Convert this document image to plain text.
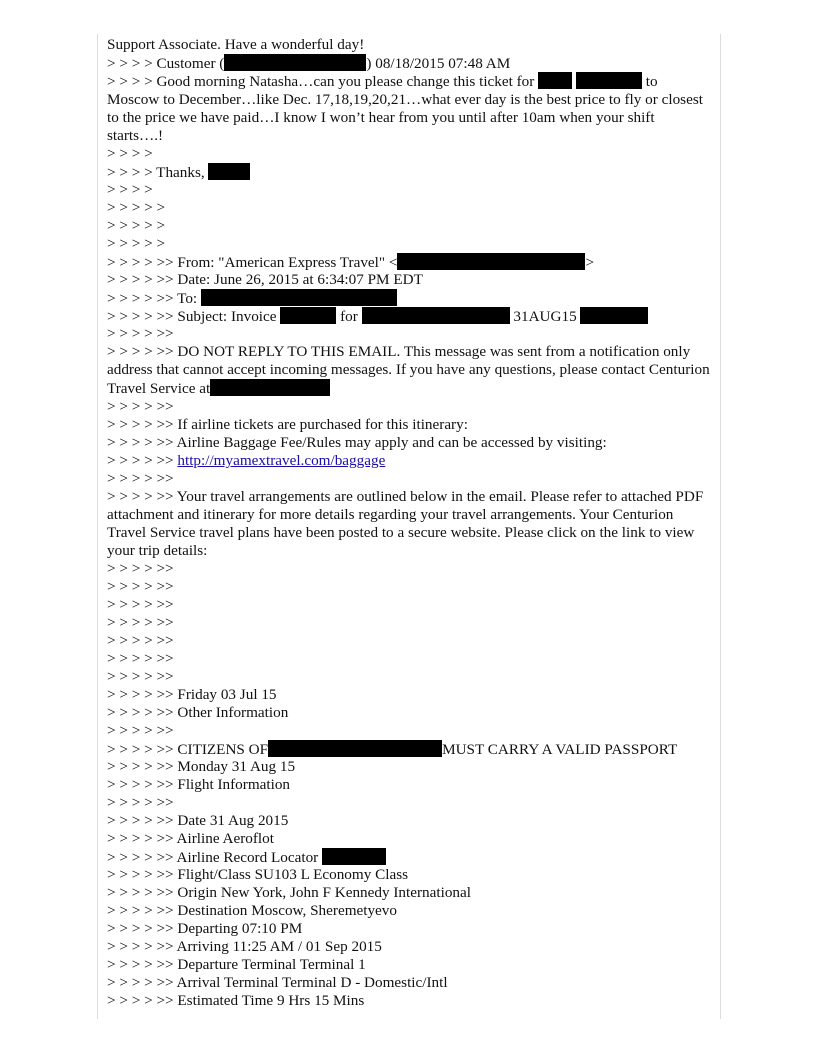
Support Associate. Have a wonderful day!
> > > > Customer (	) 08/18/2015 07:48 AM
> > > > Good morning Natasha…can you please change this ticket for	to Moscow to December…like Dec. 17,18,19,20,21…what ever day is the best price to fly or closest to the price we have paid…I know I won’t hear from you until after 10am when your shift starts….!
> > > >
> > > > Thanks,
> > > >
> > > > >
> > > > >
> > > > >
> > > > >> From: "American Express Travel" <	>
> > > > >> Date: June 26, 2015 at 6:34:07 PM EDT
> > > > >> To:
> > > > >> Subject: Invoice	for	31AUG15
> > > > >>
> > > > >> DO NOT REPLY TO THIS EMAIL. This message was sent from a notification only address that cannot accept incoming messages. If you have any questions, please contact Centurion Travel Service at
> > > > >>
> > > > >> If airline tickets are purchased for this itinerary:
> > > > >> Airline Baggage Fee/Rules may apply and can be accessed by visiting:
> > > > >> http://myamextravel.com/baggage
> > > > >>
> > > > >> Your travel arrangements are outlined below in the email. Please refer to attached PDF attachment and itinerary for more details regarding your travel arrangements. Your Centurion Travel Service travel plans have been posted to a secure website. Please click on the link to view your trip details:
> > > > >>
> > > > >>
> > > > >>
> > > > >>
> > > > >>
> > > > >>
> > > > >>
> > > > >> Friday 03 Jul 15
> > > > >> Other Information
> > > > >>
> > > > >> CITIZENS OF	MUST CARRY A VALID PASSPORT
> > > > >> Monday 31 Aug 15
> > > > >> Flight Information
> > > > >>
> > > > >> Date 31 Aug 2015
> > > > >> Airline Aeroflot
> > > > >> Airline Record Locator
> > > > >> Flight/Class SU103 L Economy Class
> > > > >> Origin New York, John F Kennedy International
> > > > >> Destination Moscow, Sheremetyevo
> > > > >> Departing 07:10 PM
> > > > >> Arriving 11:25 AM / 01 Sep 2015
> > > > >> Departure Terminal Terminal 1
> > > > >> Arrival Terminal Terminal D - Domestic/Intl
> > > > >> Estimated Time 9 Hrs 15 Mins
